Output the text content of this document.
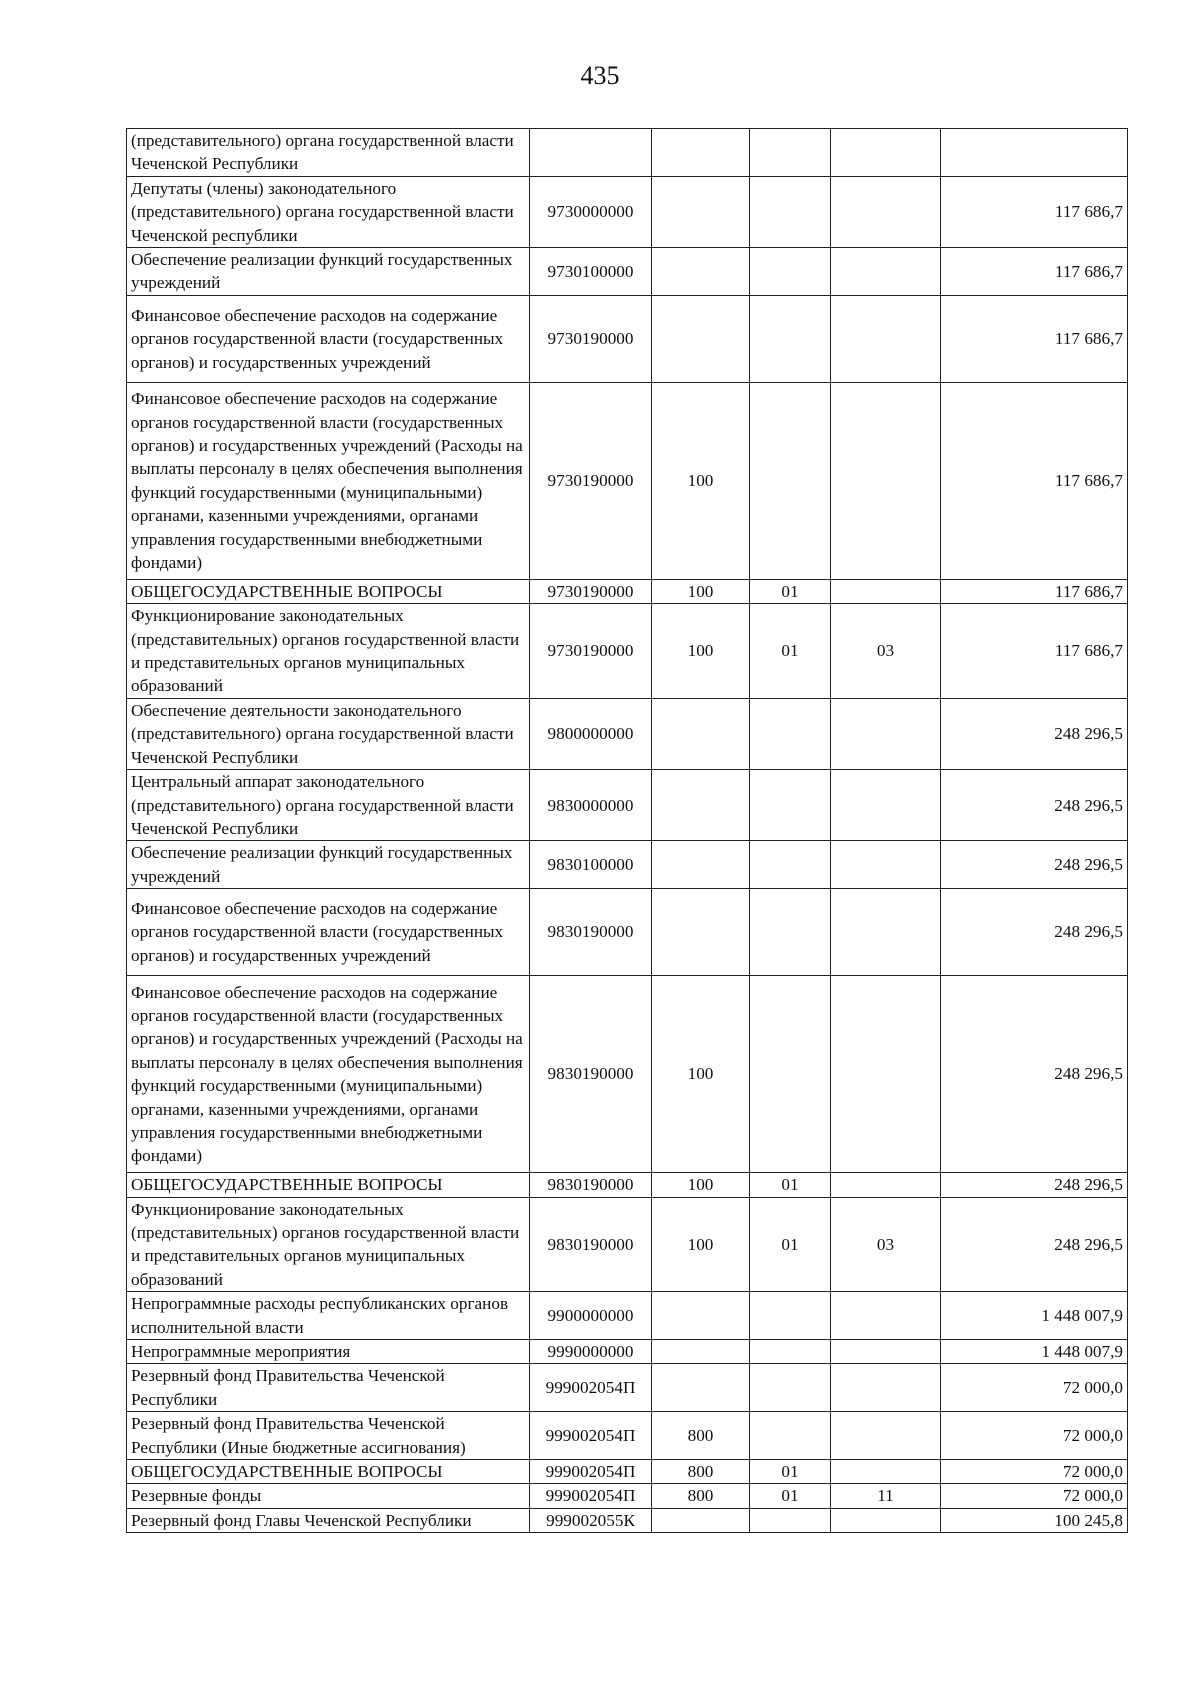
435
(представительного) органа государственной власти Чеченской Республики					
Депутаты (члены) законодательного (представительного) органа государственной власти Чеченской республики	9730000000				117 686,7
Обеспечение реализации функций государственных учреждений	9730100000				117 686,7
Финансовое обеспечение расходов на содержание органов государственной власти (государственных органов) и государственных учреждений	9730190000				117 686,7
Финансовое обеспечение расходов на содержание органов государственной власти (государственных органов) и государственных учреждений (Расходы на выплаты персоналу в целях обеспечения выполнения функций государственными (муниципальными) органами, казенными учреждениями, органами управления государственными внебюджетными фондами)	9730190000	100			117 686,7
ОБЩЕГОСУДАРСТВЕННЫЕ ВОПРОСЫ	9730190000	100	01		117 686,7
Функционирование законодательных (представительных) органов государственной власти и представительных органов муниципальных образований	9730190000	100	01	03	117 686,7
Обеспечение деятельности законодательного (представительного) органа государственной власти Чеченской Республики	9800000000				248 296,5
Центральный аппарат законодательного (представительного) органа государственной власти Чеченской Республики	9830000000				248 296,5
Обеспечение реализации функций государственных учреждений	9830100000				248 296,5
Финансовое обеспечение расходов на содержание органов государственной власти (государственных органов) и государственных учреждений	9830190000				248 296,5
Финансовое обеспечение расходов на содержание органов государственной власти (государственных органов) и государственных учреждений (Расходы на выплаты персоналу в целях обеспечения выполнения функций государственными (муниципальными) органами, казенными учреждениями, органами управления государственными внебюджетными фондами)	9830190000	100			248 296,5
ОБЩЕГОСУДАРСТВЕННЫЕ ВОПРОСЫ	9830190000	100	01		248 296,5
Функционирование законодательных (представительных) органов государственной власти и представительных органов муниципальных образований	9830190000	100	01	03	248 296,5
Непрограммные расходы республиканских органов исполнительной власти	9900000000				1 448 007,9
Непрограммные мероприятия	9990000000				1 448 007,9
Резервный фонд Правительства Чеченской Республики	999002054П				72 000,0
Резервный фонд Правительства Чеченской Республики (Иные бюджетные ассигнования)	999002054П	800			72 000,0
ОБЩЕГОСУДАРСТВЕННЫЕ ВОПРОСЫ	999002054П	800	01		72 000,0
Резервные фонды	999002054П	800	01	11	72 000,0
Резервный фонд Главы Чеченской Республики	999002055К				100 245,8
